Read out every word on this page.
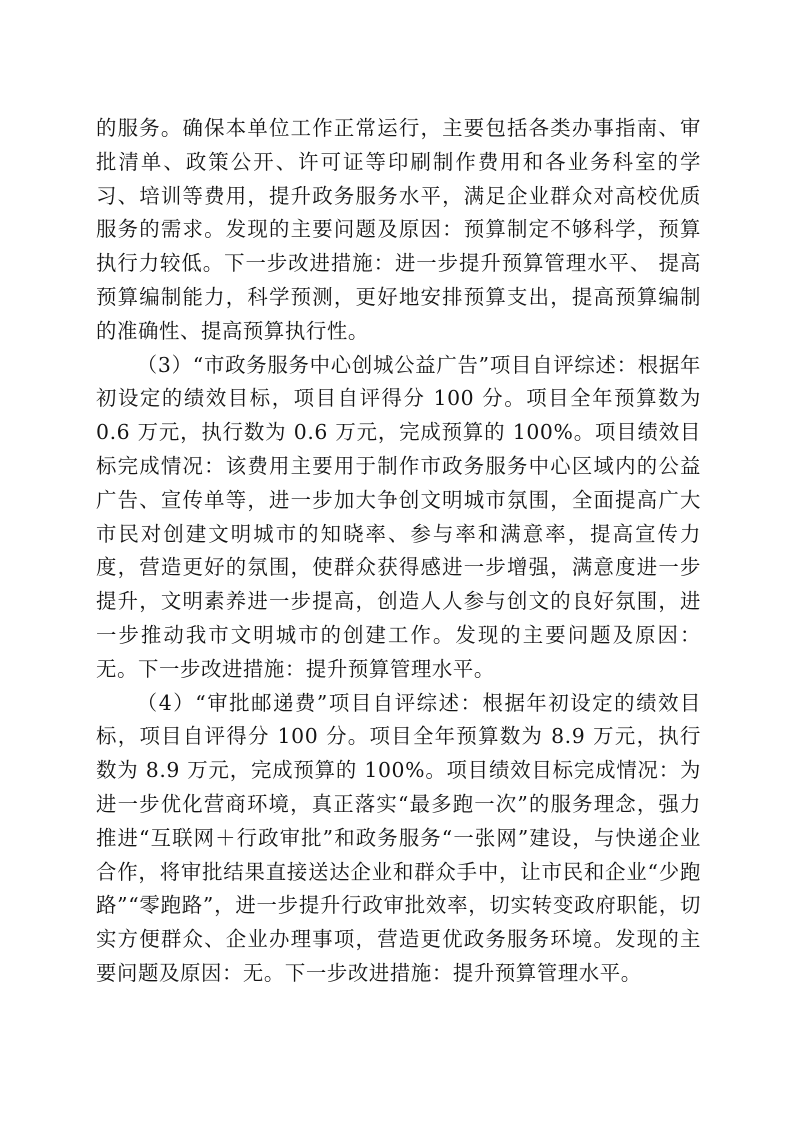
的服务。确保本单位工作正常运行，主要包括各类办事指南、审批清单、政策公开、许可证等印刷制作费用和各业务科室的学习、培训等费用，提升政务服务水平，满足企业群众对高校优质服务的需求。发现的主要问题及原因：预算制定不够科学，预算执行力较低。下一步改进措施：进一步提升预算管理水平、 提高预算编制能力，科学预测，更好地安排预算支出，提高预算编制的准确性、提高预算执行性。

（3）“市政务服务中心创城公益广告”项目自评综述：根据年初设定的绩效目标，项目自评得分 100 分。项目全年预算数为 0.6 万元，执行数为 0.6 万元，完成预算的 100%。项目绩效目标完成情况：该费用主要用于制作市政务服务中心区域内的公益广告、宣传单等，进一步加大争创文明城市氛围，全面提高广大市民对创建文明城市的知晓率、参与率和满意率，提高宣传力度，营造更好的氛围，使群众获得感进一步增强，满意度进一步提升，文明素养进一步提高，创造人人参与创文的良好氛围，进一步推动我市文明城市的创建工作。发现的主要问题及原因：无。下一步改进措施：提升预算管理水平。

（4）“审批邮递费”项目自评综述：根据年初设定的绩效目标，项目自评得分 100 分。项目全年预算数为 8.9 万元，执行数为 8.9 万元，完成预算的 100%。项目绩效目标完成情况：为进一步优化营商环境，真正落实“最多跑一次”的服务理念，强力推进“互联网＋行政审批”和政务服务“一张网”建设，与快递企业合作，将审批结果直接送达企业和群众手中，让市民和企业“少跑路”“零跑路”，进一步提升行政审批效率，切实转变政府职能，切实方便群众、企业办理事项，营造更优政务服务环境。发现的主要问题及原因：无。下一步改进措施：提升预算管理水平。
